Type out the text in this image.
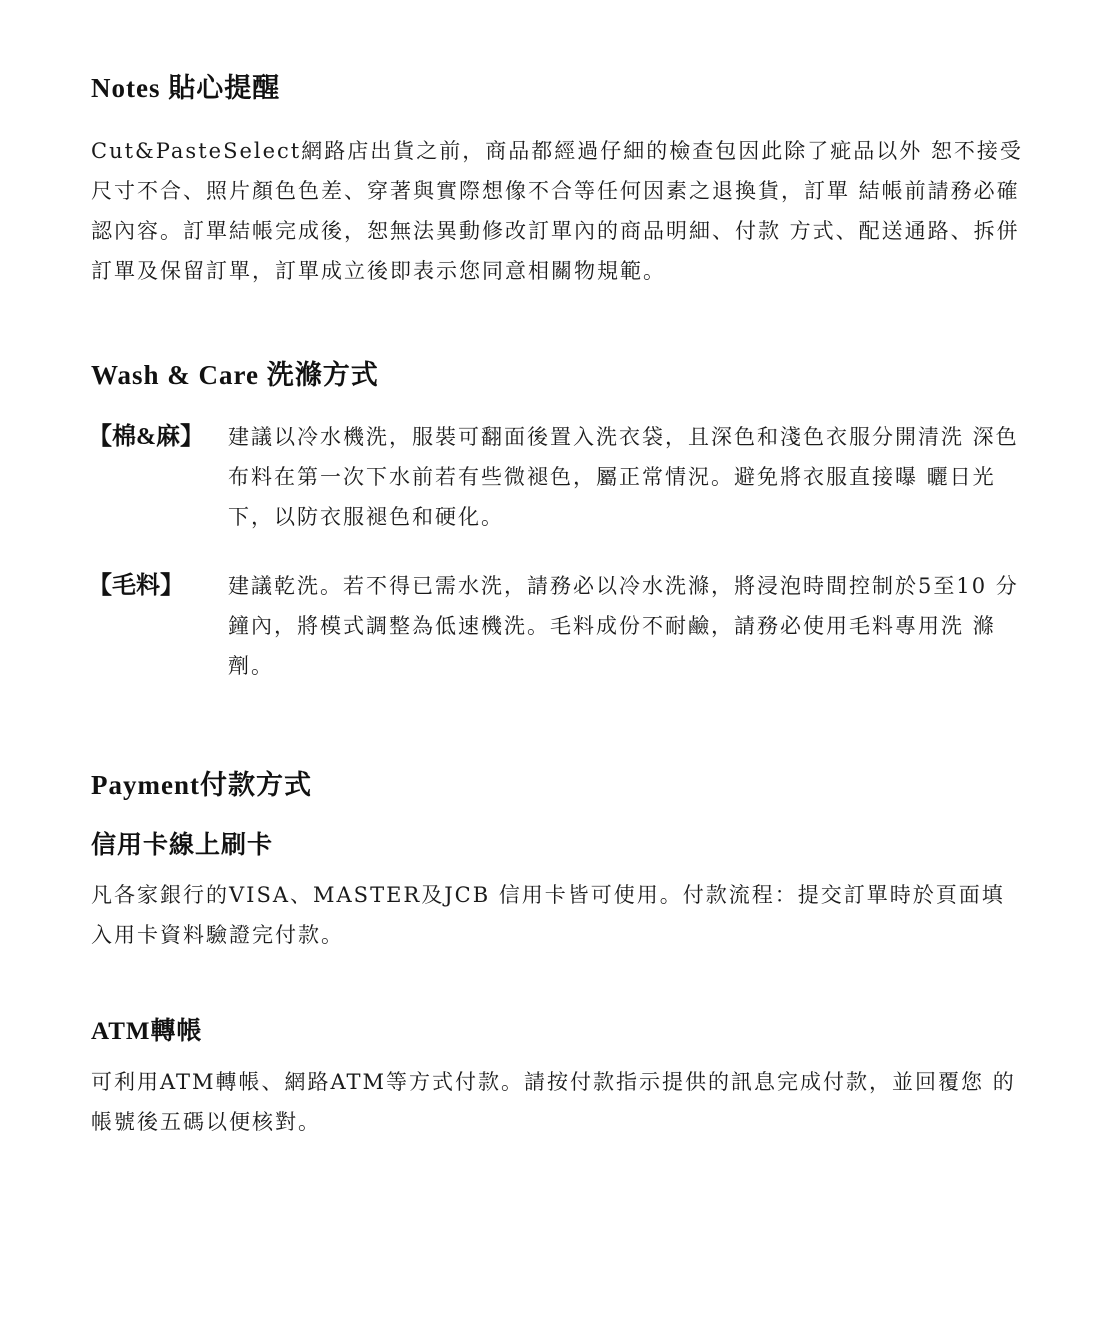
Notes 貼心提醒
Cut&PasteSelect網路店出貨之前，商品都經過仔細的檢查包因此除了疵品以外 恕不接受尺寸不合、照片顏色色差、穿著與實際想像不合等任何因素之退換貨，訂單 結帳前請務必確認內容。訂單結帳完成後，恕無法異動修改訂單內的商品明細、付款 方式、配送通路、拆併訂單及保留訂單，訂單成立後即表示您同意相關物規範。
Wash & Care 洗滌方式
【棉&麻】 建議以冷水機洗，服裝可翻面後置入洗衣袋，且深色和淺色衣服分開清洗 深色布料在第一次下水前若有些微褪色，屬正常情況。避免將衣服直接曝 曬日光下，以防衣服褪色和硬化。
【毛料】 建議乾洗。若不得已需水洗，請務必以冷水洗滌，將浸泡時間控制於5至10 分鐘內，將模式調整為低速機洗。毛料成份不耐鹼，請務必使用毛料專用洗 滌劑。
Payment付款方式
信用卡線上刷卡
凡各家銀行的VISA、MASTER及JCB 信用卡皆可使用。付款流程：提交訂單時於頁面填 入用卡資料驗證完付款。
ATM轉帳
可利用ATM轉帳、網路ATM等方式付款。請按付款指示提供的訊息完成付款，並回覆您 的帳號後五碼以便核對。
